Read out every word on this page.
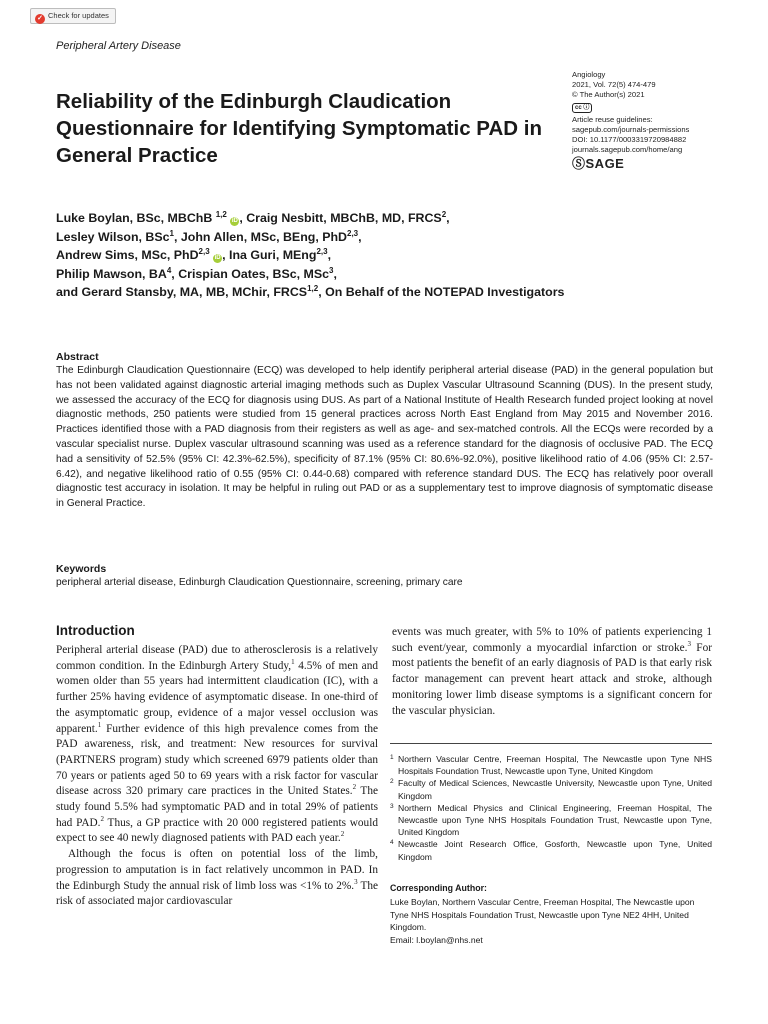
✓ Check for updates
Peripheral Artery Disease
Reliability of the Edinburgh Claudication Questionnaire for Identifying Symptomatic PAD in General Practice
Angiology
2021, Vol. 72(5) 474-479
© The Author(s) 2021
cc ⓘ
Article reuse guidelines:
sagepub.com/journals-permissions
DOI: 10.1177/0003319720984882
journals.sagepub.com/home/ang
ⓈSAGE
Luke Boylan, BSc, MBChB $^{1,2}$ iD , Craig Nesbitt, MBChB, MD, FRCS$^2$,
Lesley Wilson, BSc$^1$, John Allen, MSc, BEng, PhD$^{2,3}$,
Andrew Sims, MSc, PhD$^{2,3}$ iD , Ina Guri, MEng$^{2,3}$,
Philip Mawson, $BA^4$, Crispian Oates, BSc, MSc$^3$,
and Gerard Stansby, MA, MB, MChir, FRCS$^{1,2}$, On Behalf of the NOTEPAD Investigators
Abstract
The Edinburgh Claudication Questionnaire (ECQ) was developed to help identify peripheral arterial disease (PAD) in the general population but has not been validated against diagnostic arterial imaging methods such as Duplex Vascular Ultrasound Scanning (DUS). In the present study, we assessed the accuracy of the ECQ for diagnosis using DUS. As part of a National Institute of Health Research funded project looking at novel diagnostic methods, 250 patients were studied from 15 general practices across North East England from May 2015 and November 2016. Practices identified those with a PAD diagnosis from their registers as well as age- and sex-matched controls. All the ECQs were recorded by a vascular specialist nurse. Duplex vascular ultrasound scanning was used as a reference standard for the diagnosis of occlusive PAD. The ECQ had a sensitivity of 52.5% (95% CI: 42.3%-62.5%), specificity of 87.1% (95% CI: 80.6%-92.0%), positive likelihood ratio of 4.06 (95% CI: 2.57-6.42), and negative likelihood ratio of 0.55 (95% CI: 0.44-0.68) compared with reference standard DUS. The ECQ has relatively poor overall diagnostic test accuracy in isolation. It may be helpful in ruling out PAD or as a supplementary test to improve diagnosis of symptomatic disease in General Practice.
Keywords
peripheral arterial disease, Edinburgh Claudication Questionnaire, screening, primary care
Introduction

Peripheral arterial disease (PAD) due to atherosclerosis is a relatively common condition. In the Edinburgh Artery Study,$^1$ 4.5% of men and women older than 55 years had intermittent claudication (IC), with a further 25% having evidence of asymptomatic disease. In one-third of the asymptomatic group, evidence of a major vessel occlusion was apparent.$^1$ Further evidence of this high prevalence comes from the PAD awareness, risk, and treatment: New resources for survival (PARTNERS program) study which screened 6979 patients older than 70 years or patients aged 50 to 69 years with a risk factor for vascular disease across 320 primary care practices in the United States.$^2$ The study found 5.5% had symptomatic PAD and in total 29% of patients had PAD.$^2$ Thus, a GP practice with 20 000 registered patients would expect to see 40 newly diagnosed patients with PAD each year.$^2$

Although the focus is often on potential loss of the limb, progression to amputation is in fact relatively uncommon in PAD. In the Edinburgh Study the annual risk of limb loss was <1% to 2%.$^3$ The risk of associated major cardiovascular

events was much greater, with 5% to 10% of patients experiencing 1 such event/year, commonly a myocardial infarction or stroke.$^3$ For most patients the benefit of an early diagnosis of PAD is that early risk factor management can prevent heart attack and stroke, although monitoring lower limb disease symptoms is a significant concern for the vascular physician.

1 Northern Vascular Centre, Freeman Hospital, The Newcastle upon Tyne NHS Hospitals Foundation Trust, Newcastle upon Tyne, United Kingdom
2 Faculty of Medical Sciences, Newcastle University, Newcastle upon Tyne, United Kingdom
3 Northern Medical Physics and Clinical Engineering, Freeman Hospital, The Newcastle upon Tyne NHS Hospitals Foundation Trust, Newcastle upon Tyne, United Kingdom
4 Newcastle Joint Research Office, Gosforth, Newcastle upon Tyne, United Kingdom
Corresponding Author:
Luke Boylan, Northern Vascular Centre, Freeman Hospital, The Newcastle upon Tyne NHS Hospitals Foundation Trust, Newcastle upon Tyne NE2 4HH, United Kingdom.
Email: l.boylan@nhs.net
